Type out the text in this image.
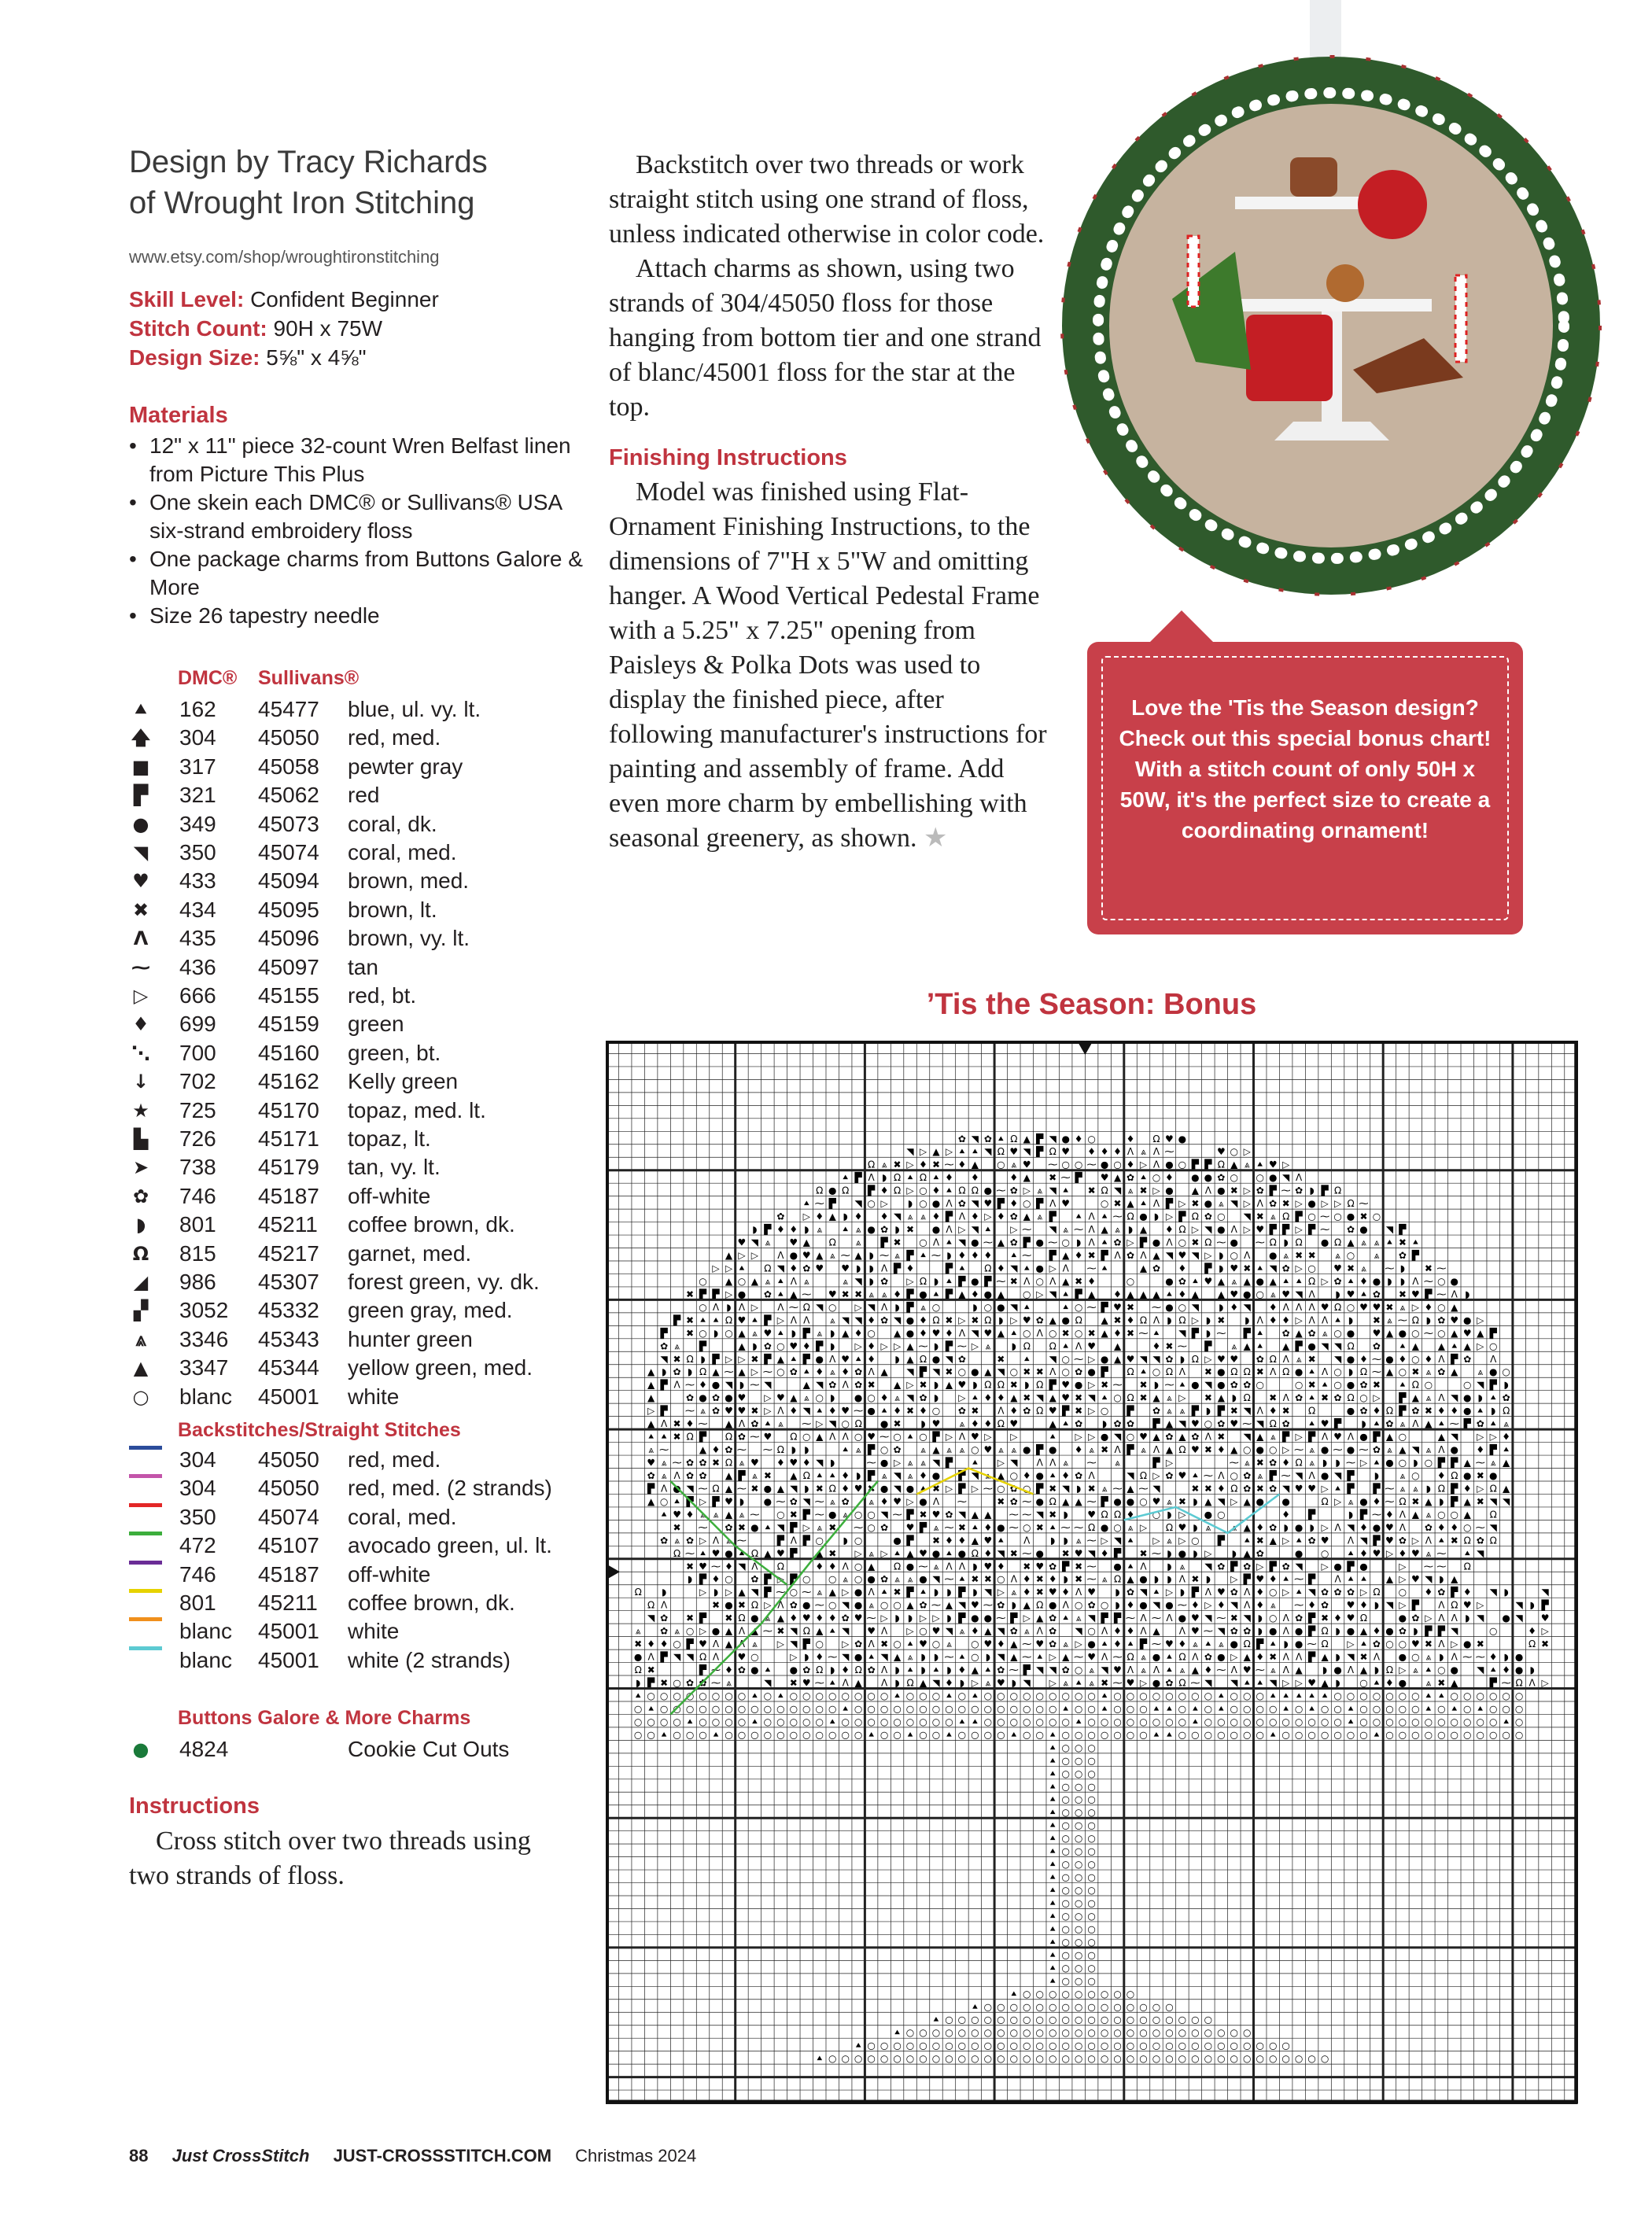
Design by Tracy Richards
of Wrought Iron Stitching
www.etsy.com/shop/wroughtironstitching
Skill Level: Confident Beginner
Stitch Count: 90H x 75W
Design Size: 5⅝" x 4⅝"
Materials
• 12" x 11" piece 32-count Wren Belfast linen from Picture This Plus
• One skein each DMC® or Sullivans® USA six-strand embroidery floss
• One package charms from Buttons Galore & More
• Size 26 tapestry needle
DMC® Sullivans®
⯅ 162 45477 blue, ul. vy. lt.
🡅 304 45050 red, med.
■ 317 45058 pewter gray
▛ 321 45062 red
● 349 45073 coral, dk.
◥ 350 45074 coral, med.
♥ 433 45094 brown, med.
✖ 434 45095 brown, lt.
Λ 435 45096 brown, vy. lt.
⁓ 436 45097 tan
▷ 666 45155 red, bt.
♦ 699 45159 green
⋱ 700 45160 green, bt.
↓ 702 45162 Kelly green
★ 725 45170 topaz, med. lt.
▙ 726 45171 topaz, lt.
➤ 738 45179 tan, vy. lt.
✿ 746 45187 off-white
◗	801 45211 coffee brown, dk.
Ω 815 45217 garnet, med.
◢ 986 45307 forest green, vy. dk.
▞ 3052 45332 green gray, med.
⩓ 3346 45343 hunter green
▲ 3347 45344 yellow green, med.
○ blanc 45001 white
Backstitches/Straight Stitches
304 45050 red, med.
304 45050 red, med. (2 strands)
350 45074 coral, med.
472 45107 avocado green, ul. lt.
746 45187 off-white
801 45211 coffee brown, dk.
blanc 45001 white
blanc 45001 white (2 strands)
Buttons Galore & More Charms
● 4824	Cookie Cut Outs
Instructions

Cross stitch over two threads using two strands of floss.

Backstitch over two threads or work straight stitch using one strand of floss, unless indicated otherwise in color code.

Attach charms as shown, using two strands of 304/45050 floss for those hanging from bottom tier and one strand of blanc/45001 floss for the star at the top.

Finishing Instructions

Model was finished using Flat-Ornament Finishing Instructions, to the dimensions of 7"H x 5"W and omitting hanger. A Wood Vertical Pedestal Frame with a 5.25" x 7.25" opening from Paisleys & Polka Dots was used to display the finished piece, after following manufacturer's instructions for painting and assembly of frame. Add even more charm by embellishing with seasonal greenery, as shown. ★

Love the 'Tis the Season design? Check out this special bonus chart! With a stitch count of only 50H x 50W, it's the perfect size to create a coordinating ornament!
’Tis the Season: Bonus
✿ ◥ ✿ ⯅ Ω ▲ ▛ ◥ ● ♦ ○	♦ Ω ♥ ●
◥ ▷ ▲ ▷ ⯅ ⯅ ◥ Ω ♥ ◥ ▛ Ω ♥ ♦ ♦ ♦ Λ ⩓ Λ ⁓	♥ ○ ▷
Ω ⩓ ✖ ▷ ♦ ✖ ⁓ ♦ ▲ ○ ⩓ ♥ ⁓ ○ ○ ⁓ ● ○ ♦ ▷ Λ ● ○ ▛ ▛ Ω ▲ ⩓ ⯅ ♥ ▷
⯅ ▛ Λ ◗ Ω ⯅ Ω ⯅ ♦ ♦	♦ ▲ ✖ ⁓ ▛ ♥ ▲ ✿ ⯅ ○ ♦ ● ● ✿ ○ ○ ● ◥ Λ
Ω ● Ω ▛ ♦ Ω ▷ ○ ♦ ⯅ Ω Ω ● ⁓ ✿ ▷ ⩓ ◥ ⯅ ✖ Ω ◥ ⩓ ✖ ▷ ● ▲ Λ ● ✖ ▷ ✿ ▛ ⁓ ✿ ◗ ▛ Ω
⯅ ⁓ ▛ ◥ ○ ▷ ◗ ○ ● Λ ✿ ◥ ♥ ▛ ♦ ○ ▛ Λ ♥	○ ✖ ▲ ⯅ Λ ▛ ▷ ✖ ● ⩓ ◥ ▷ Λ ✿ ✖ ▷ ● ▷ ▷ Ω ⁓
✿ ▷ ♦ ▲ ◗ ♦ ♦ ◥ ⩓ ⩓ ♦ ▛ Λ ♦ ▷ ♦ ✿ ▲ ⩓ ▛ ⯅ Λ ⯅ ⁓ Ω ● ◗ ▷ ▛ Ω ✿ ○ ◥ ✖ ⩓ Ω ▛ ○ ⁓ ○ ● ✖ ○
◗ ▛ ♦ ♦ ◗ ⩓ ⯅ ⩓ ● ✿ ◗ ✖ ● Λ ▷ ◥ ⯅ ▷ ⁓ ◥ ⩓ ⁓ Λ ▲ ⩓ ◗ ▲ ♦ Ω ▷ ◥ ● Λ ▷ ♥ ▛ ▛ ▷ ▛ ⁓ ✿ ● ◥ ▛
♥ ◥ ⩓ ♥ ▲ Ω ⩓ ▛ ✖ ○ Λ ⯅ ◥ ● ⁓ ▲ ✿ ▛ ● ⁓ ○ ◗ Λ ⯅ ✿ ▷ ▛ ● Λ ○ ✖ Ω ⁓ ● ⁓ Ω ◗ Ω ● Ω ▲ ⩓ ⩓ ⯅ ✖ ⯅
▲ ▷ ▷ Λ ● ♥ ▲ ⩓ ⁓ ▲ ◗ ⁓ ⩓ ▛ ⯅ ⁓ ◗ ♦ ♦ ♦ ⯅ ⁓ ▛ ▲ ♦ ✖ ▛ Λ ✿ Λ ▲ ◥ ♥ ◥ ▷ ◗ ○ Λ ● ⩓ ✖ ✖ ⩓ ○ ⩓ ✿ ▛
▷ ▷ ⯅ Ω ◥ ♦ ✿ ♥ ♥ ◗ ◗ Λ ▛ ♦	▛ ⯅ Ω ♦ ◥ ⯅ ● ▷ Λ ⁓ ⯅	▲ ✿ ♦ ▛ ◗ ♥ ✖ ⯅ ◥ ✿ ▷ ○ ♥ ✖ ⩓ ⁓ ◗ ✖ ⁓
○ ▲ ○ ▲ ⩓ ⯅ Λ ⩓	⩓ ◥ ◗ ✿ ▷ Ω ◗ ⯅ ▛ ● ▛ ⁓ ✖ Λ ○ Λ ▲ ✖ ♦	○	● ✿ ⯅ ♥ ▲ ⩓ ▲ ● ▲ ⯅ ⯅ Ω ▷ ✿ ⯅ ♦ ● ◗ ◗ Λ ⁓ ○ ●
✖ ▛ ▛ ▷ ● ✿ ⯅ ▲ ⁓ ♥ ✖ ✖ ⩓ ⩓ ♦ ▛ ● ⯅ ▛ ▲ ♦ ● ▲ ○ ▷ ◥ ⯅ ▛ ▲ ♦ ▲ ▲ ▲ ⯅ ♦ ▲ ▲ ♥ ● ○ ⩓ ♥ ◥ Λ ◗ ♥ ⯅ ✿ ✖ ♥ ▛ ⁓ Λ ◗
○ Λ ◗ Λ ▷ Λ ⁓ Ω ◥ ○ ▷ ◥ Λ ◗ ▛ ⩓ ○	◗ ○ ● ◥ ⯅	⯅ ○ ⁓ ▛ ♥ ✖ ⁓ ● ○ ◥ ◗ ♦ ◥ ♦ Λ Λ Λ ♥ Ω ○ ♥ ♥ ✖ ⩓ ▷ ♦ ○ ▲
▛ ✖ ⯅ ⯅ Ω ♥ ⯅ ▛ ▷ Λ Λ ⩓ ◥ ◥ ♦ ✿ ◥ ● ♦ Ω ✖ ▷ ✖ Ω ◗ ▷ ♥ ✿ ▲ ● Ω ▲ ✖ ♦ Ω Λ ◗ Ω ▷ ◗ ✖ ◗ Λ ♦ ♦ ▷ Λ Λ ⯅ ◗ ✖ ⩓ ⁓ Ω ◗ ✿ ♥ ● ▷
▛ ✖ ○ ◗ ○ ▲ ⩓ ♥ ⯅ ◗ ▛ ⩓ ◗ ▲ ♦ ○ ▲ ● ♦ ♥ ♦ Λ ◥ ♥ ▲ ⯅ ○ Λ ○ ✖ ○ ✖ ▲ ♦ ✖ ⁓ ⯅ ◥ ▛ ◗ ⁓ ▛ ⯅ ✿ ▲ ✿ ⩓ ○ ● ♥ ▲ ● ○ ⁓ ○ ▲ ♥ ▲ ▛
✿ ⩓ ▛	▲ ◗ ✿ ○ ♥ ♦ ▛ ◗ ▷ ♦ ▷ ▷ ▲ ⁓ ◗ ▛ ⁓ ▷ ⩓ ◗ Ω Ω ⯅ Λ ♥ ▲	♦ ✖ ⁓ ▛ ⩓ ▲ ⯅ ▲ ▛ ● ◥ ◥ Ω ✿ ⯅ ▲ ▲ ⯅ ▲ ▷ ○
◥ ✖ Ω ◗ ▛ ▷ ▷ ✖ ▛ ▲ ⯅ ▛ ● Λ ♥ ⯅ ♦ ◗ ▲ Ω ● ◥ ✿	✖ ⯅ ◥ ○ ⁓ ▷ ● ▲ ♥ ◥ ◥ ✿ ◗ Ω ▷ ♥ ♥ ✿ Ω Λ ⩓ ✖ ◥ ● ♦ ⁓ ● ♦ ○ ♦ Λ ▛ ✿ Λ
▲ ◗ ✿ ◗ Ω ▲ ⁓ ▲ ▷ ⁓ ○ ✿ ⯅ ♦ ⩓ ♦ ✿ Λ ▲ ◥ ▛ ◥ ✖ ○ ● ▲ ◥ ○ ✖ ✖ Λ ○ ✿ ● ▛ Ω ⯅ ○ Ω Λ ✖ ● Ω Ω ✖ Λ Ω ● ⯅ Λ ○ ◗ Ω ⁓ ▲ ○ ✖ ⩓ ✿ ▲ ⩓ ● ○
▲ ▛ Λ ⁓ ♦ ● ◥ ◗ ⁓ ◥	▲ ◥ ✿ Λ ✿ ✖ ▲ ▷ ✖ ◗ ▲ ♥ ◗ Ω Ω ✖ ◗ Ω ▛ ♥ ● ▷ ✖ ⁓ ✖ ◗ ⁓ ⯅ ● ◥ ● ✿ ✿ ○	○ ✖ ⯅ ○ ● ✿ ✖ ⯅ Ω ○	○ ◥ ▛ ◗
▲	✿ ● ✿ ● ♥ ▷ ♥ ▲ ⩓ ○ ◗ ● ○ ♦ ⩓ ◥ ✿ ◗ ▷ ⯅ ♦ ♦ ▲ ✖ ◥ ▲ ♥ ✖ ◥ ⯅ ○ Ω ✖ ▲ ⩓ ▷ ✖ ▲ ◗ Ω ✖ Λ ✿ ⯅ ✖ ✿ Ω ○ ▷ ▛ ▲ ⩓ Λ ◥ ● ◗ ⯅ ✿
▷ ▛ ⁓ ⩓ ✿ ♥ ♥ ✖ ▷ Λ ♦ ◥ ⯅ ♦ ♥ ⁓ ● ⯅ ♦ ✖ ♦ ○ ✿ ✖ Λ ♦ ✿ Ω ♥ ▛ ✖ ▷ ○ ▛ ✿ ⩓ ⩓ ▛ ◗ ▛ ✖ ◥ Λ ♦ ✖ Ω	● ✿ ♦ Ω ▛ ✿ ✖ ♦ ♦ ● ⯅ ◗ Ω
▲ Λ ✖ ♦ ⁓ ▲ Λ ✿ ⯅ ⩓ ⁓ ▷ ◥ ○ Ω ● ✖ ◗ ♥ ⩓ ♦ ♦ Ω ♥	▲ ⯅ ✿ ◗ ✿ ✿ ▛ ▲ ◥ ♥ ○ ✿ ♥ ⁓ ◥ Ω ✿ ⯅ ♥ ▛ ◗ ⯅ ✿ ⩓ Λ ▲ ⯅ ⁓ ▛ ✿ ⯅ ⩓
⯅ ⯅ ✖ Ω ▛ Ω ✿ ⁓ ♥ Ω ○ ▲ Λ Λ ○ ♥ ⁓ ○ ⯅ ○ ▛ ▷ Λ ♥ ▷ ▷	⯅ ▷ ▷ ● ◥ ○ ♥ ▲ ✿ ▲ ✿ Λ ✖ ◥ ▲ ⩓ ▛ ▷ ▛ Λ ♥ Λ ● ▛ ▲ ○	▲ ◥ ▷ ▷ ♦
⩓ ⁓	▲ ♦ ✿ ⁓ ⁓ Ω ◗ ◗	⯅ ⩓ ▛ ○ ✿ ⩓ ▲ ⩓ ⩓ ○ ♥ ⩓ ⩓ ● ▛ ● ♦ ⩓ ✖ Λ ▛ ⩓ Λ ▲ Ω ♥ ✖ ♦ ▲ ○ ● ○ ▷ ⁓ ⩓ ● ⁓ ● ⁓ ✿ ⩓ ▲ ◥ ⩓ Λ ● ♦ ▛ ⯅
♥ ⩓ ⁓ ✿ ✿ ✖ Ω ⩓ ♥ ♦ ♥ ♦ ◥ ◗	⁓ ● ▷ ⩓ ⩓ ◥ ▛ ⯅ ▷ ◥ Λ Λ ⩓ ⁓ ⩓	▛ ▷	⁓ ⩓ ✖ ✿ ♦ Ω ⩓ ◗ ◗ ⁓ ▷ ⯅ ● ○ ◗ ○ ▛ ▛ ▲ ⁓ ⩓ ▲
✿ ⩓ Λ ✿ ✿ ▲ ▛ ⩓ ✖ ▲ Ω ⯅ ⯅ ♦ ◗ ▛ ⩓ ◥ ⩓ ♦ ● ▛ ◥ ⩓ ▲ ○ ♦ ● ⯅ ♦ ✿ Λ	◥ Ω ▷ ✿ ♥ ⯅ ⁓ Λ ○ ✿ ⩓ ▛ ⁓ ◥ Λ ● ◥ ▛ ◗ ⩓ ○ ♦ Ω ● ✖ ●
▛ Λ ● ◥ ⁓ Ω ▲ ⁓ ✖ ● ▲ ◥ ◗ ✖ Ω ♦ ♥ ✖ ● ◥ ● ⯅ ✖ ▷ ▛ ▷ ⁓ ○ ✿ ○ ▛ ✖ ◥ ◗ ✖ ⩓ ⁓ ▲ ⁓ ◥	✖ ✖ ♦ Ω ✿ ✖ ✿ ◥ ♥ ♥ ▷ ⯅ ▛ ▛ ⁓ ⩓ ⩓ ◗ Ω ▛ ♦ ▷ Ω ▲
▲ ○ ⯅ ▛ ▷ ▛ ♥ ◗ ● ⁓ ✿ ◥ ⁓ ⩓ ✿ ⩓ ♦ ♥ ▷ ● Λ ⁓	✖ ✿ ⁓ ● Ω ▲ ▲ ⁓ ▛ ● ● ○ ♥ ⩓ ✖ ◗ ▲ ◥ ▷ ▲ ● ●	Ω ▷ ⩓ ● ♦ ⁓ Ω ✖ ▲ ◗ ▛ ▲ ✖ ◥ ◥
⯅ ♥ ♦ ⩓ ⩓ ▲ ⩓ ⁓ ○ ✖ ▛ ⁓ ● ⩓ ○ ○ ◥ ⁓ ▛ ✖ ♥ ✿ ◥ ▲ ▲ ⁓ ⁓ ◥ ✖ ◗ ♥ Ω Ω ♦ ○ ◗ ▷ ● ○	♦ ▛	◗ ▛ ⁓ ♦ Λ ▲ ⩓ ○ ○ ▲ Ω
✖ ⁓ ✿ ✖ ● ⯅ ◥ ▛ ▷ ⩓ ✖ ⁓ ○ ✿ ♥ ▛ ⩓ ⁓ ✖ ⯅ ♦ ● ⁓ ○ ✖ ⯅ ⁓ ⁓ Ω ● ○ ⩓ ▷ Ω ♥ ◗ ⩓ ⩓ ▲ ♦ ✿ ◗ ● ◗ ▷ Λ ◥ ♦ ● ♥ Λ ✿ ♦ ♦ ○ ⁓ ◥
✿ ⩓ ✿ ▷ Λ ⩓ ⁓	▛ Λ ▛ ○ ◗ ○	● ▛ ✖ ♦ ♦ ▲ ♥ ⯅ Λ ◗ ◗ ⩓ ⁓ ▷ ◥ ⯅ ▷ ⩓ ▷ ○ ▛ ⯅ ✖ ▲ ▷ ⯅ ✿ ♥ Λ ◥ ▛ ♥ ✿ ▷ Λ ⯅ ✖ Ω ✿ Ω
Ω ⁓ ⯅ ♥ ● ⯅ Ω ▲ ♥ ▛ ▲ ✖ ▷ ⩓ ▷ ⯅ ▲ ♥ ● ⯅ ● Ω ♦ ◥ ✖ ⁓ ● ✖ ♥ ◥ ♦ ▛ ✖ ⁓ ◗ ● ◗ ▷ ◗ ▲ ✿	● ○ ⯅ ♦ ♥ ▷ ♦ ♥ ⩓ ⁓ ⯅ ◥
✖ ♥ ⁓ ♦ ◥ Λ Ω	♦ ♦ Λ ○ ▲ Ω ● ⁓ ⩓ Λ Λ ◗ ♥ ♦ ✖ ♥ ✿ ▛ ✖ ⁓ ● ⯅ Λ ◗ ⩓ ◥ ✿ ▛ ✿ ▷ ▛ ✿ ◥ ▷ ● ▛ ●	▷ ⁓ ⁓ Ω
◗ ▛ ♦ ○ ✿ ▛ ▷ ▛ ○ ○ ⩓ ○ ● ✿ ⩓ ⩓ ● ◥ ⁓ ⯅ ✖ ✖ ○ Λ ♦ ✖ ♦ ◗ ✖ ⁓ ⩓ Ω ▲ ● ◗ ◗ Λ ✖ ◗ ▷ ▛ ♥ ♦ ⯅ ⁓ ▛ Λ ⯅ ⯅ ▲ ▷ ♥ ◥ ◗ ▲
Ω ◗	▷ ◗ ▷ ▲ ◥ ▛ ⁓ ○ ⁓ ⩓ ▲ ▷ ● Λ ⯅ ✖ ▛ ⯅ ◗ ◗ ▛ ◗ ◥ ▷ ⩓ ♦ ✖ ♥ ♦ Λ ♥ ◗ ✿ ◥ ⯅ ▷ ◗ ▛ Λ ♥ ✿ Λ ♦ ○ ▷ ⯅ ◥ ✿ ✿ ✿ ▷ Ω ○ ♦ ✿ ▛ ♦ ◥ ◗	◥
Ω Λ	✖ ● ✖ Ω ▷ Λ ✿ ● ⁓ ○ ◥ ● ⩓ ○ ○ ▲ ✿ ⁓ ▲ ◥ ♥ ⁓ ✿ ◗ ▲ Ω ● Λ ○ ✿ ○ ◗ ♦ ● ◥ ● ⁓ ♦ ▷ ♦ ◥ Λ ♦ ⩓ ⁓ ♦ ✿ ♥ ♦ ◗ ◥ ▷ ▛ Λ Ω ♥ ▷	◥ ◗ ▛
◥ ✿ ✖ ▛ ✖ Ω ● ⩓ ▲ ♦ ♥ ♦ ♦ ✿ ♥ ⁓ ▷ ◗ ◗ ▷ ▷ ◗ ▛ ● ● ⁓ ▛ ▷ ▲ ✿ ⯅ ⩓ ◥ ▛ ▛ ⁓ Λ ⁓ Λ ● ♥ ◥ ⁓ ✖ ◥ ◗ ○ Λ ✿ ▛ ✖ ♦ ♥ Ω	● ✿ ▷ Λ Λ ◗ ◥ ● ◥ ♥
⩓ ✿ ⩓ ○ ▷ ● ▲ Λ ▲ ⁓ ✖ ◥ Ω ▲ ⯅ ◥ ♥ Λ ▷ ○ ♥ ◥ ⩓ ♦ ▲ ◥ ✿ ⩓ Λ ✿ ◥ ○ Λ ♦ ♦ Λ ▲ Λ ♥ ⁓ ◥ ✿ ✿ ◗ ● Λ ● ▛ Ω ◗ ● ▲ ♦ ● ✿ ◗ ▛ ▛ ◥	○	♦ ▷
✖ ♦ ♦ ○ ▛ ♥ Λ ▲ Λ ⩓ ▷ ◥ ▛ ○ ▷ ✿ Λ ✖ ○ ⯅ ♥ ○ ⩓ ○ ♥ ♦ ▲ ⁓ ♥ ✿ ⩓ ▷ ● ⯅ ♦ ⯅ ▛ ⁓ ♥ ♦ ⩓ ⯅ ⩓ ● Ω ▛ ⯅ ◗ ● ⁓ Ω ▷ ⯅ ✿ ○ ○ ♥ ✖ Λ ▷ ● ✖	Ω ✖
● Λ ▛ ◥ ◥ Ω Λ ♥ ○	▷ ◗ ♦ ⁓ ◥ ● ⯅ ◥ ▲ ⩓ ◗ ◗ ⁓ ⯅ ○ ◗ ◥ ▲ ⁓ ⯅ ▷ ▲ ⁓ ♥ Λ ⁓ Ω ⩓ ● ⯅ Ω Λ ✿ ● ▷ ▲ ♦ ✖ Λ Λ ▛ ▲ ◗ ◥ ✖ Λ ● ○ ⩓ ◗ Λ ⁓ ⁓ ♦ ◗ ●
Ω ✖	▛ ⁓ ♦ ✿ ● ⯅ ● ✿ Ω ◗ ♦ Ω ✿ Λ ◗ ⯅ ◗ ⯅ ◗ ♦ ▲ ⯅ ✿ ⁓ ▛ ◥ ◥ ✿ ○ ⩓ ◥ ♥ Λ ⩓ Λ ⯅ ⩓ ▲ ♦ ⁓ Λ ♥ ⁓ ⩓ Λ ▲ ◗ ● Λ ▲ ◗ Ω ▷ ⩓ ⯅ ○ ● ◥ ⯅ ♦ ● ◗
◗ ▛ ✖ ○ ✿ ✿ ⁓ ⩓	◥ ✖ ♥ ⁓ ⯅ Λ ▲ Λ ◗ Ω ▲ ◥ ♦ ◗ ▷ ⩓ ♥ ◗ ◥ ▷ ⩓ ⯅ ⩓ ✖ ⁓ ♥ ▷ ● ✿ Ω ⁓ ◥ ◥ ⯅ ⯅ ◥ ▷ ▷ ♥ ▲ ◗ ○ ⯅ ♦ ● ⩓ ✖ ▲	▛ ⁓ Ω Λ ▷
⯅ ○ ○ ○ ○ ○ ○ ○ ○ ⯅ ○ ⯅ ○ ○ ○ ○ ○ ○ ○ ○ ⯅ ○ ○ ○ ⯅ ○ ⯅ ○ ○ ○ ○ ○ ○ ○ ○ ○ ⯅ ○ ○ ○ ○ ○ ○ ○ ○ ⯅ ○ ○ ○ ⯅ ⯅ ⯅ ⯅ ⯅ ○ ○ ○ ○ ○ ○ ○ ⯅ ⯅ ○ ○ ○ ○ ○ ○
○ ⯅ ○ ○ ○ ○ ○ ○ ○ ○ ○ ○ ○ ○ ○ ○ ⯅ ○ ○ ○ ○ ○ ○ ○ ○ ○ ○ ○ ○ ○ ○ ○ ○ ⯅ ○ ○ ⯅ ○ ○ ○ ⯅ ⯅ ○ ⯅ ○ ⯅ ○ ○ ○ ○ ⯅ ○ ⯅ ○ ○ ⯅ ○ ○ ○ ○ ○ ⯅ ○ ⯅ ○ ⯅ ○ ○ ○
○ ○ ○ ○ ⯅ ○ ○ ○ ○ ⯅ ○ ○ ○ ○ ○ ⯅ ○ ○ ○ ○ ○ ○ ○ ○ ○ ⯅ ⯅ ○ ○ ○ ○ ○ ○ ○ ⯅ ○ ○ ○ ○ ○ ○ ○ ○ ⯅ ○ ○ ○ ○ ○ ○ ○ ○ ○ ○ ○ ⯅ ○ ○ ○ ○ ○ ○ ○ ○ ○ ○ ○ ⯅ ○
○ ○ ⯅ ○ ○ ○ ⯅ ○ ○ ○ ○ ○ ○ ○ ○ ○ ○ ○ ⯅ ○ ○ ⯅ ○ ○ ⯅ ○ ○ ○ ○ ⯅ ○ ○ ⯅ ○ ○ ○ ○ ○ ○ ○ ⯅ ⯅ ○ ○ ○ ○ ○ ○ ○ ⯅ ○ ○ ○ ○ ○ ○ ○ ⯅ ○ ○ ○ ○ ○ ○ ○ ○ ○ ○ ○
⯅ ○ ○ ○
⯅ ○ ○ ○
⯅ ○ ○ ○
⯅ ○ ○ ○
⯅ ○ ○ ○
⯅ ○ ○ ○
⯅ ○ ○ ○
⯅ ○ ○ ○
⯅ ○ ○ ○
⯅ ○ ○ ○
⯅ ○ ○ ○
⯅ ○ ○ ○
⯅ ○ ○ ○
⯅ ○ ○ ○
⯅ ○ ○ ○
⯅ ○ ○ ○
⯅ ○ ○ ○
⯅ ○ ○ ○
⯅ ○ ○ ○
⯅ ○ ○ ○ ○ ○ ○ ○ ○ ○
⯅ ○ ○ ○ ○ ○ ○ ○ ○ ○ ○ ○ ○ ○ ○ ○
⯅ ○ ○ ○ ○ ○ ○ ○ ○ ○ ○ ○ ○ ○ ○ ○ ○ ○ ○ ○ ○ ○
⯅ ○ ○ ○ ○ ○ ○ ○ ○ ○ ○ ○ ○ ○ ○ ○ ○ ○ ○ ○ ○ ○ ○ ○ ○ ○ ○ ○
⯅ ○ ○ ○ ○ ○ ○ ○ ○ ○ ○ ○ ○ ○ ○ ○ ○ ○ ○ ○ ○ ○ ○ ○ ○ ○ ○ ○ ○ ○ ○ ○ ○ ○
⯅ ○ ○ ○ ○ ○ ○ ○ ○ ○ ○ ○ ○ ○ ○ ○ ○ ○ ○ ○ ○ ○ ○ ○ ○ ○ ○ ○ ○ ○ ○ ○ ○ ○ ○ ○ ○ ○ ○ ○
88 Just CrossStitch JUST-CROSSSTITCH.COM Christmas 2024
